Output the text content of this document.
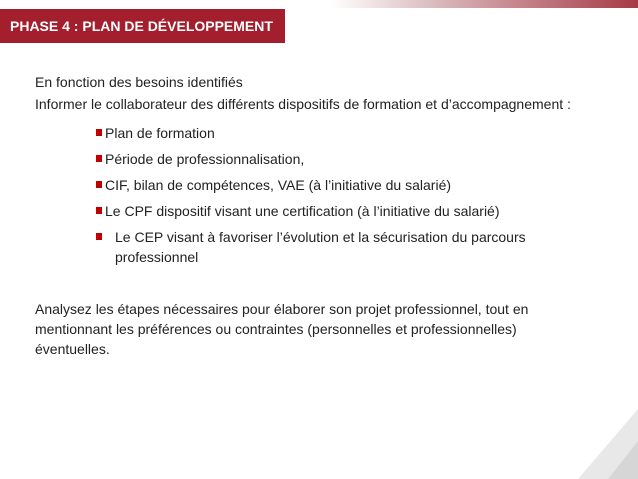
PHASE 4 : PLAN DE DÉVELOPPEMENT
En fonction des besoins identifiés
Informer le collaborateur des différents dispositifs de formation et d’accompagnement :
Plan de formation
Période de professionnalisation,
CIF, bilan de compétences, VAE (à l’initiative du salarié)
Le CPF dispositif visant une certification (à l’initiative du salarié)
Le CEP visant à favoriser l’évolution et la sécurisation du parcours professionnel
Analysez les étapes nécessaires pour élaborer son projet professionnel, tout en mentionnant les préférences ou contraintes (personnelles et professionnelles) éventuelles.
